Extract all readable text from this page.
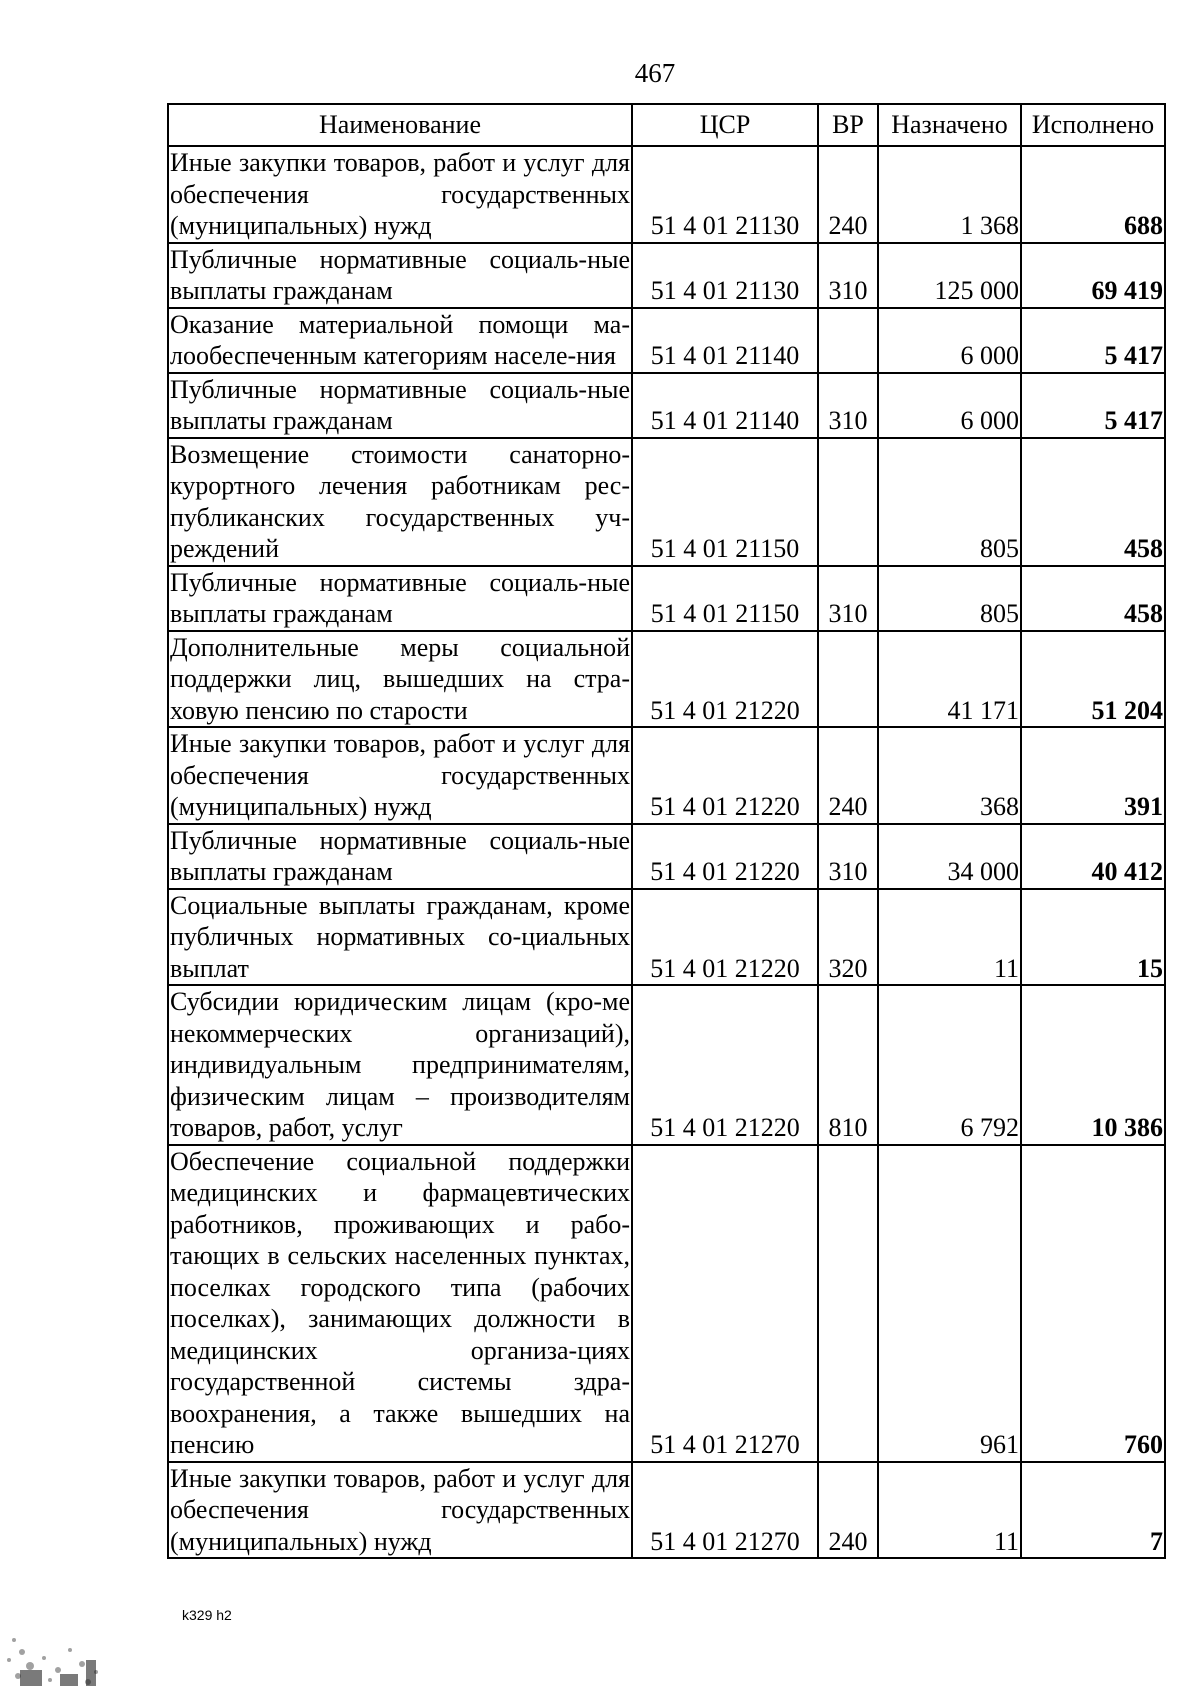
467
Наименование	ЦСР	ВР	Назначено	Исполнено
Иные закупки товаров, работ и услуг для обеспечения государственных (муниципальных) нужд	51 4 01 21130	240	1 368	688
Публичные нормативные социаль-ные выплаты гражданам	51 4 01 21130	310	125 000	69 419
Оказание материальной помощи ма-лообеспеченным категориям населе-ния	51 4 01 21140		6 000	5 417
Публичные нормативные социаль-ные выплаты гражданам	51 4 01 21140	310	6 000	5 417
Возмещение стоимости санаторно-курортного лечения работникам рес-публиканских государственных уч-реждений	51 4 01 21150		805	458
Публичные нормативные социаль-ные выплаты гражданам	51 4 01 21150	310	805	458
Дополнительные меры социальной поддержки лиц, вышедших на стра-ховую пенсию по старости	51 4 01 21220		41 171	51 204
Иные закупки товаров, работ и услуг для обеспечения государственных (муниципальных) нужд	51 4 01 21220	240	368	391
Публичные нормативные социаль-ные выплаты гражданам	51 4 01 21220	310	34 000	40 412
Социальные выплаты гражданам, кроме публичных нормативных со-циальных выплат	51 4 01 21220	320	11	15
Субсидии юридическим лицам (кро-ме некоммерческих организаций), индивидуальным предпринимателям, физическим лицам – производителям товаров, работ, услуг	51 4 01 21220	810	6 792	10 386
Обеспечение социальной поддержки медицинских и фармацевтических работников, проживающих и рабо-тающих в сельских населенных пунктах, поселках городского типа (рабочих поселках), занимающих должности в медицинских организа-циях государственной системы здра-воохранения, а также вышедших на пенсию	51 4 01 21270		961	760
Иные закупки товаров, работ и услуг для обеспечения государственных (муниципальных) нужд	51 4 01 21270	240	11	7
k329 h2
